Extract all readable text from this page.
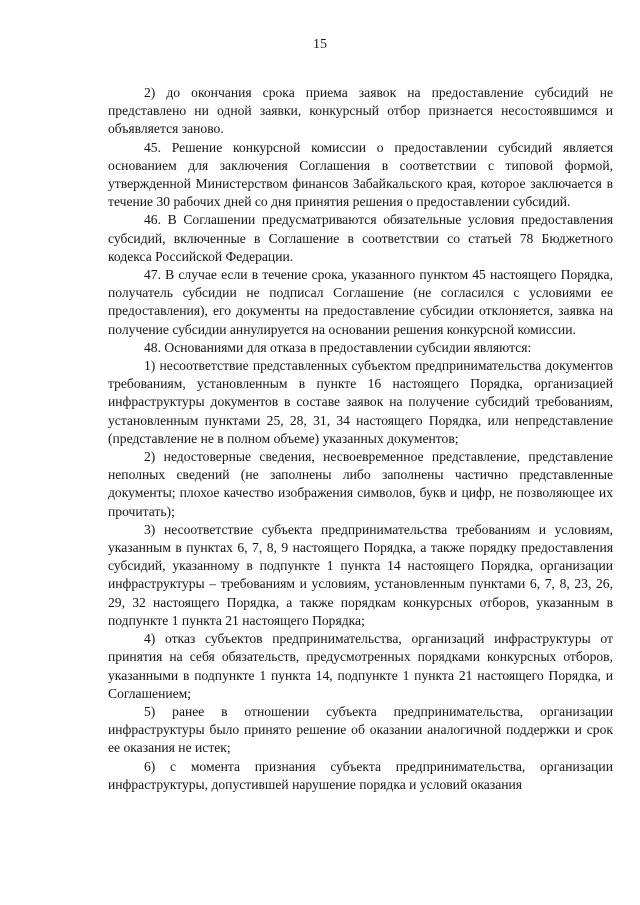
15

2) до окончания срока приема заявок на предоставление субсидий не представлено ни одной заявки, конкурсный отбор признается несостоявшимся и объявляется заново.

45. Решение конкурсной комиссии о предоставлении субсидий является основанием для заключения Соглашения в соответствии с типовой формой, утвержденной Министерством финансов Забайкальского края, которое заключается в течение 30 рабочих дней со дня принятия решения о предоставлении субсидий.

46. В Соглашении предусматриваются обязательные условия предоставления субсидий, включенные в Соглашение в соответствии со статьей 78 Бюджетного кодекса Российской Федерации.

47. В случае если в течение срока, указанного пунктом 45 настоящего Порядка, получатель субсидии не подписал Соглашение (не согласился с условиями ее предоставления), его документы на предоставление субсидии отклоняется, заявка на получение субсидии аннулируется на основании решения конкурсной комиссии.

48. Основаниями для отказа в предоставлении субсидии являются:

1) несоответствие представленных субъектом предпринимательства документов требованиям, установленным в пункте 16 настоящего Порядка, организацией инфраструктуры документов в составе заявок на получение субсидий требованиям, установленным пунктами 25, 28, 31, 34 настоящего Порядка, или непредставление (представление не в полном объеме) указанных документов;

2) недостоверные сведения, несвоевременное представление, представление неполных сведений (не заполнены либо заполнены частично представленные документы; плохое качество изображения символов, букв и цифр, не позволяющее их прочитать);

3) несоответствие субъекта предпринимательства требованиям и условиям, указанным в пунктах 6, 7, 8, 9 настоящего Порядка, а также порядку предоставления субсидий, указанному в подпункте 1 пункта 14 настоящего Порядка, организации инфраструктуры – требованиям и условиям, установленным пунктами 6, 7, 8, 23, 26, 29, 32 настоящего Порядка, а также порядкам конкурсных отборов, указанным в подпункте 1 пункта 21 настоящего Порядка;

4) отказ субъектов предпринимательства, организаций инфраструктуры от принятия на себя обязательств, предусмотренных порядками конкурсных отборов, указанными в подпункте 1 пункта 14, подпункте 1 пункта 21 настоящего Порядка, и Соглашением;

5) ранее в отношении субъекта предпринимательства, организации инфраструктуры было принято решение об оказании аналогичной поддержки и срок ее оказания не истек;

6) с момента признания субъекта предпринимательства, организации инфраструктуры, допустившей нарушение порядка и условий оказания
